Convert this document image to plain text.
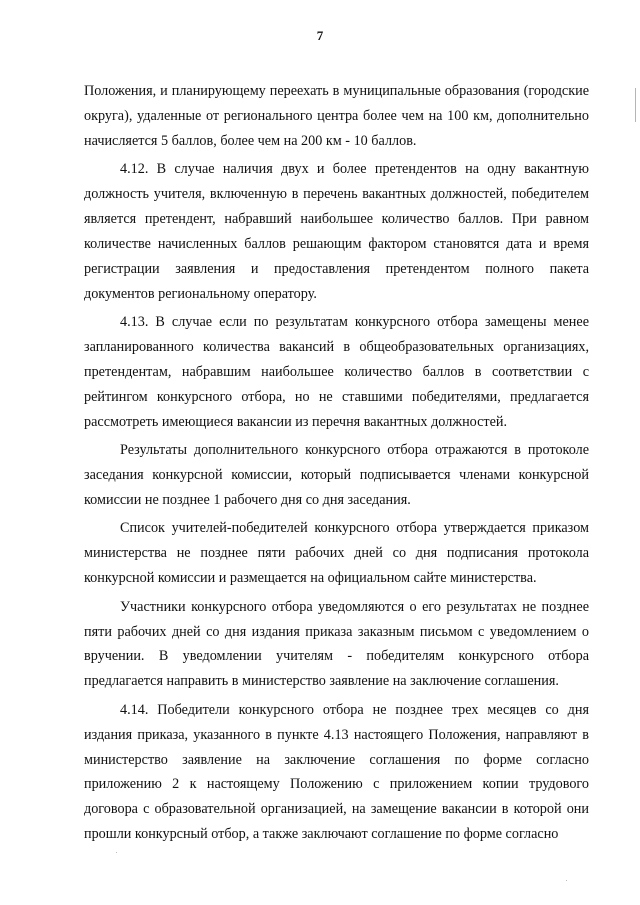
7

Положения, и планирующему переехать в муниципальные образования (городские округа), удаленные от регионального центра более чем на 100 км, дополнительно начисляется 5 баллов, более чем на 200 км - 10 баллов.

4.12. В случае наличия двух и более претендентов на одну вакантную должность учителя, включенную в перечень вакантных должностей, победителем является претендент, набравший наибольшее количество баллов. При равном количестве начисленных баллов решающим фактором становятся дата и время регистрации заявления и предоставления претендентом полного пакета документов региональному оператору.

4.13. В случае если по результатам конкурсного отбора замещены менее запланированного количества вакансий в общеобразовательных организациях, претендентам, набравшим наибольшее количество баллов в соответствии с рейтингом конкурсного отбора, но не ставшими победителями, предлагается рассмотреть имеющиеся вакансии из перечня вакантных должностей.

Результаты дополнительного конкурсного отбора отражаются в протоколе заседания конкурсной комиссии, который подписывается членами конкурсной комиссии не позднее 1 рабочего дня со дня заседания.

Список учителей-победителей конкурсного отбора утверждается приказом министерства не позднее пяти рабочих дней со дня подписания протокола конкурсной комиссии и размещается на официальном сайте министерства.

Участники конкурсного отбора уведомляются о его результатах не позднее пяти рабочих дней со дня издания приказа заказным письмом с уведомлением о вручении. В уведомлении учителям - победителям конкурсного отбора предлагается направить в министерство заявление на заключение соглашения.

4.14. Победители конкурсного отбора не позднее трех месяцев со дня издания приказа, указанного в пункте 4.13 настоящего Положения, направляют в министерство заявление на заключение соглашения по форме согласно приложению 2 к настоящему Положению с приложением копии трудового договора с образовательной организацией, на замещение вакансии в которой они прошли конкурсный отбор, а также заключают соглашение по форме согласно
